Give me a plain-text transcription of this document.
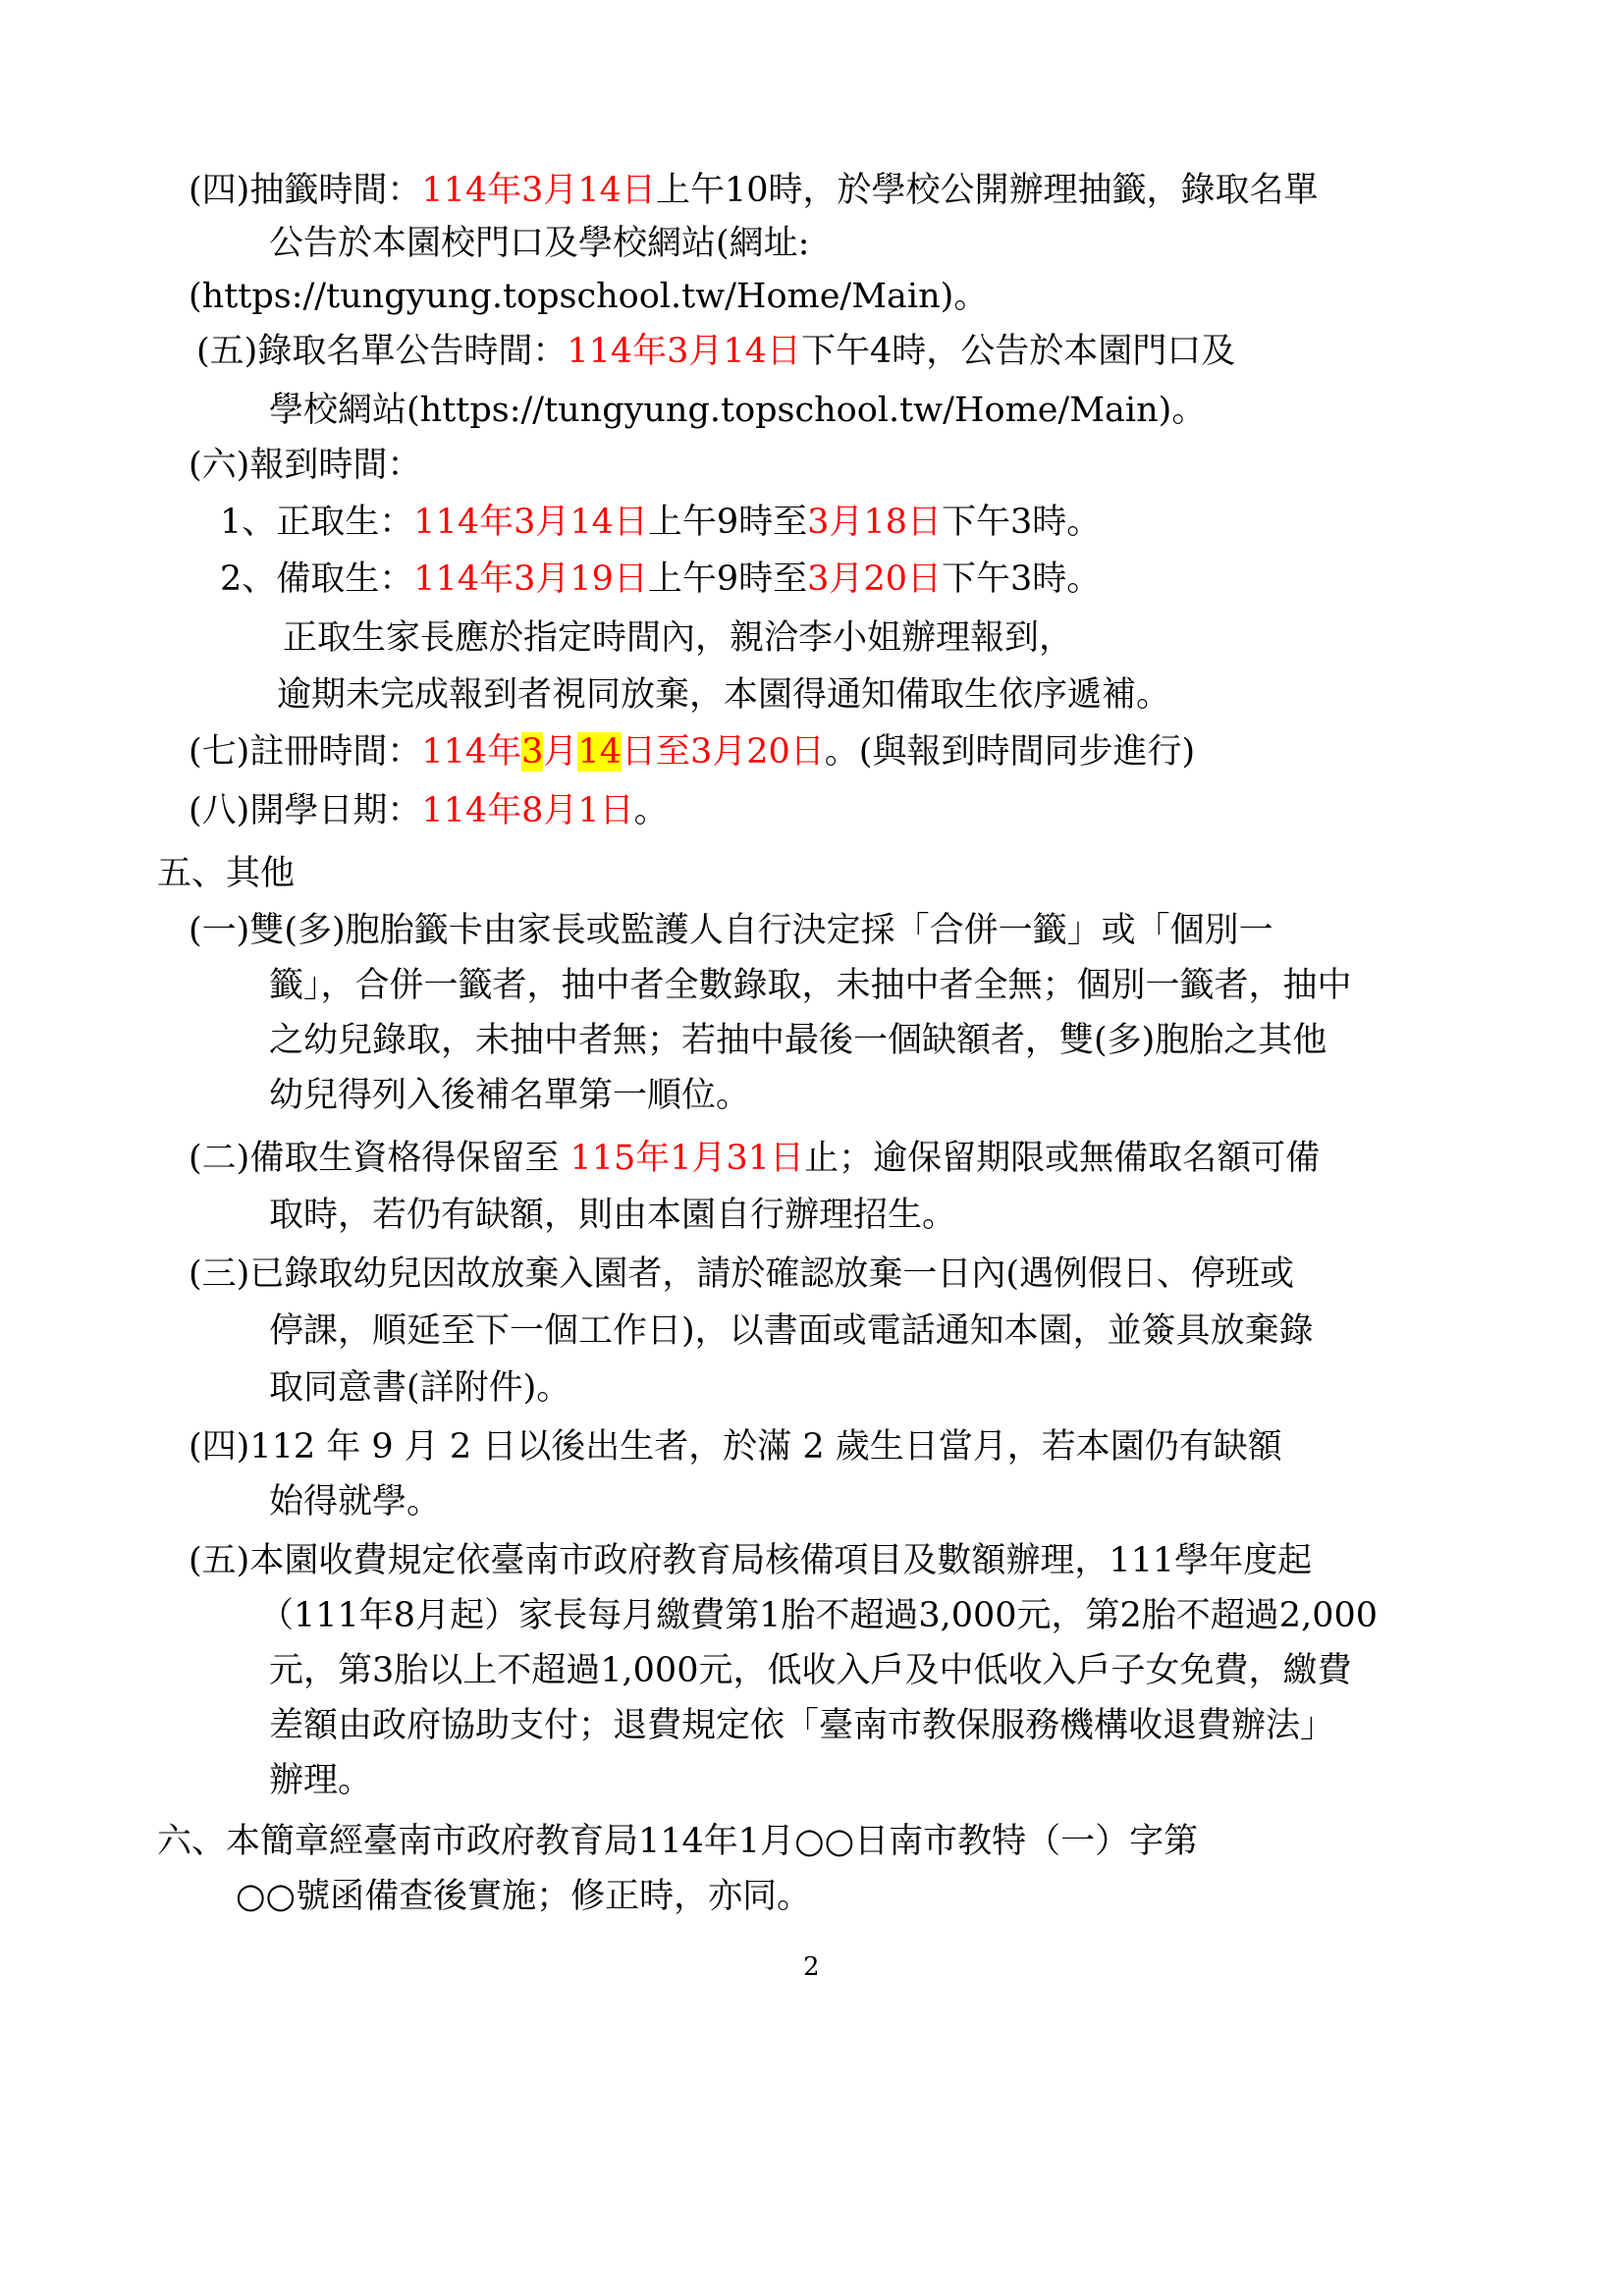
(四)抽籤時間：114年3月14日上午10時，於學校公開辦理抽籤，錄取名單
公告於本園校門口及學校網站(網址:
(https://tungyung.topschool.tw/Home/Main)。
(五)錄取名單公告時間：114年3月14日下午4時，公告於本園門口及
學校網站(https://tungyung.topschool.tw/Home/Main)。
(六)報到時間：
1、正取生：114年3月14日上午9時至3月18日下午3時。
2、備取生：114年3月19日上午9時至3月20日下午3時。
正取生家長應於指定時間內，親洽李小姐辦理報到，
逾期未完成報到者視同放棄，本園得通知備取生依序遞補。
(七)註冊時間：114年3月14日至3月20日。(與報到時間同步進行)
(八)開學日期：114年8月1日。
五、其他
(一)雙(多)胞胎籤卡由家長或監護人自行決定採「合併一籤」或「個別一
籤」，合併一籤者，抽中者全數錄取，未抽中者全無；個別一籤者，抽中
之幼兒錄取，未抽中者無；若抽中最後一個缺額者，雙(多)胞胎之其他
幼兒得列入後補名單第一順位。
(二)備取生資格得保留至 115年1月31日止；逾保留期限或無備取名額可備
取時，若仍有缺額，則由本園自行辦理招生。
(三)已錄取幼兒因故放棄入園者，請於確認放棄一日內(遇例假日、停班或
停課，順延至下一個工作日)，以書面或電話通知本園，並簽具放棄錄
取同意書(詳附件)。
(四)112 年 9 月 2 日以後出生者，於滿 2 歲生日當月，若本園仍有缺額
始得就學。
(五)本園收費規定依臺南市政府教育局核備項目及數額辦理，111學年度起
（111年8月起）家長每月繳費第1胎不超過3,000元，第2胎不超過2,000
元，第3胎以上不超過1,000元，低收入戶及中低收入戶子女免費，繳費
差額由政府協助支付；退費規定依「臺南市教保服務機構收退費辦法」
辦理。
六、本簡章經臺南市政府教育局114年1月○○日南市教特（一）字第
○○號函備查後實施；修正時，亦同。
2
